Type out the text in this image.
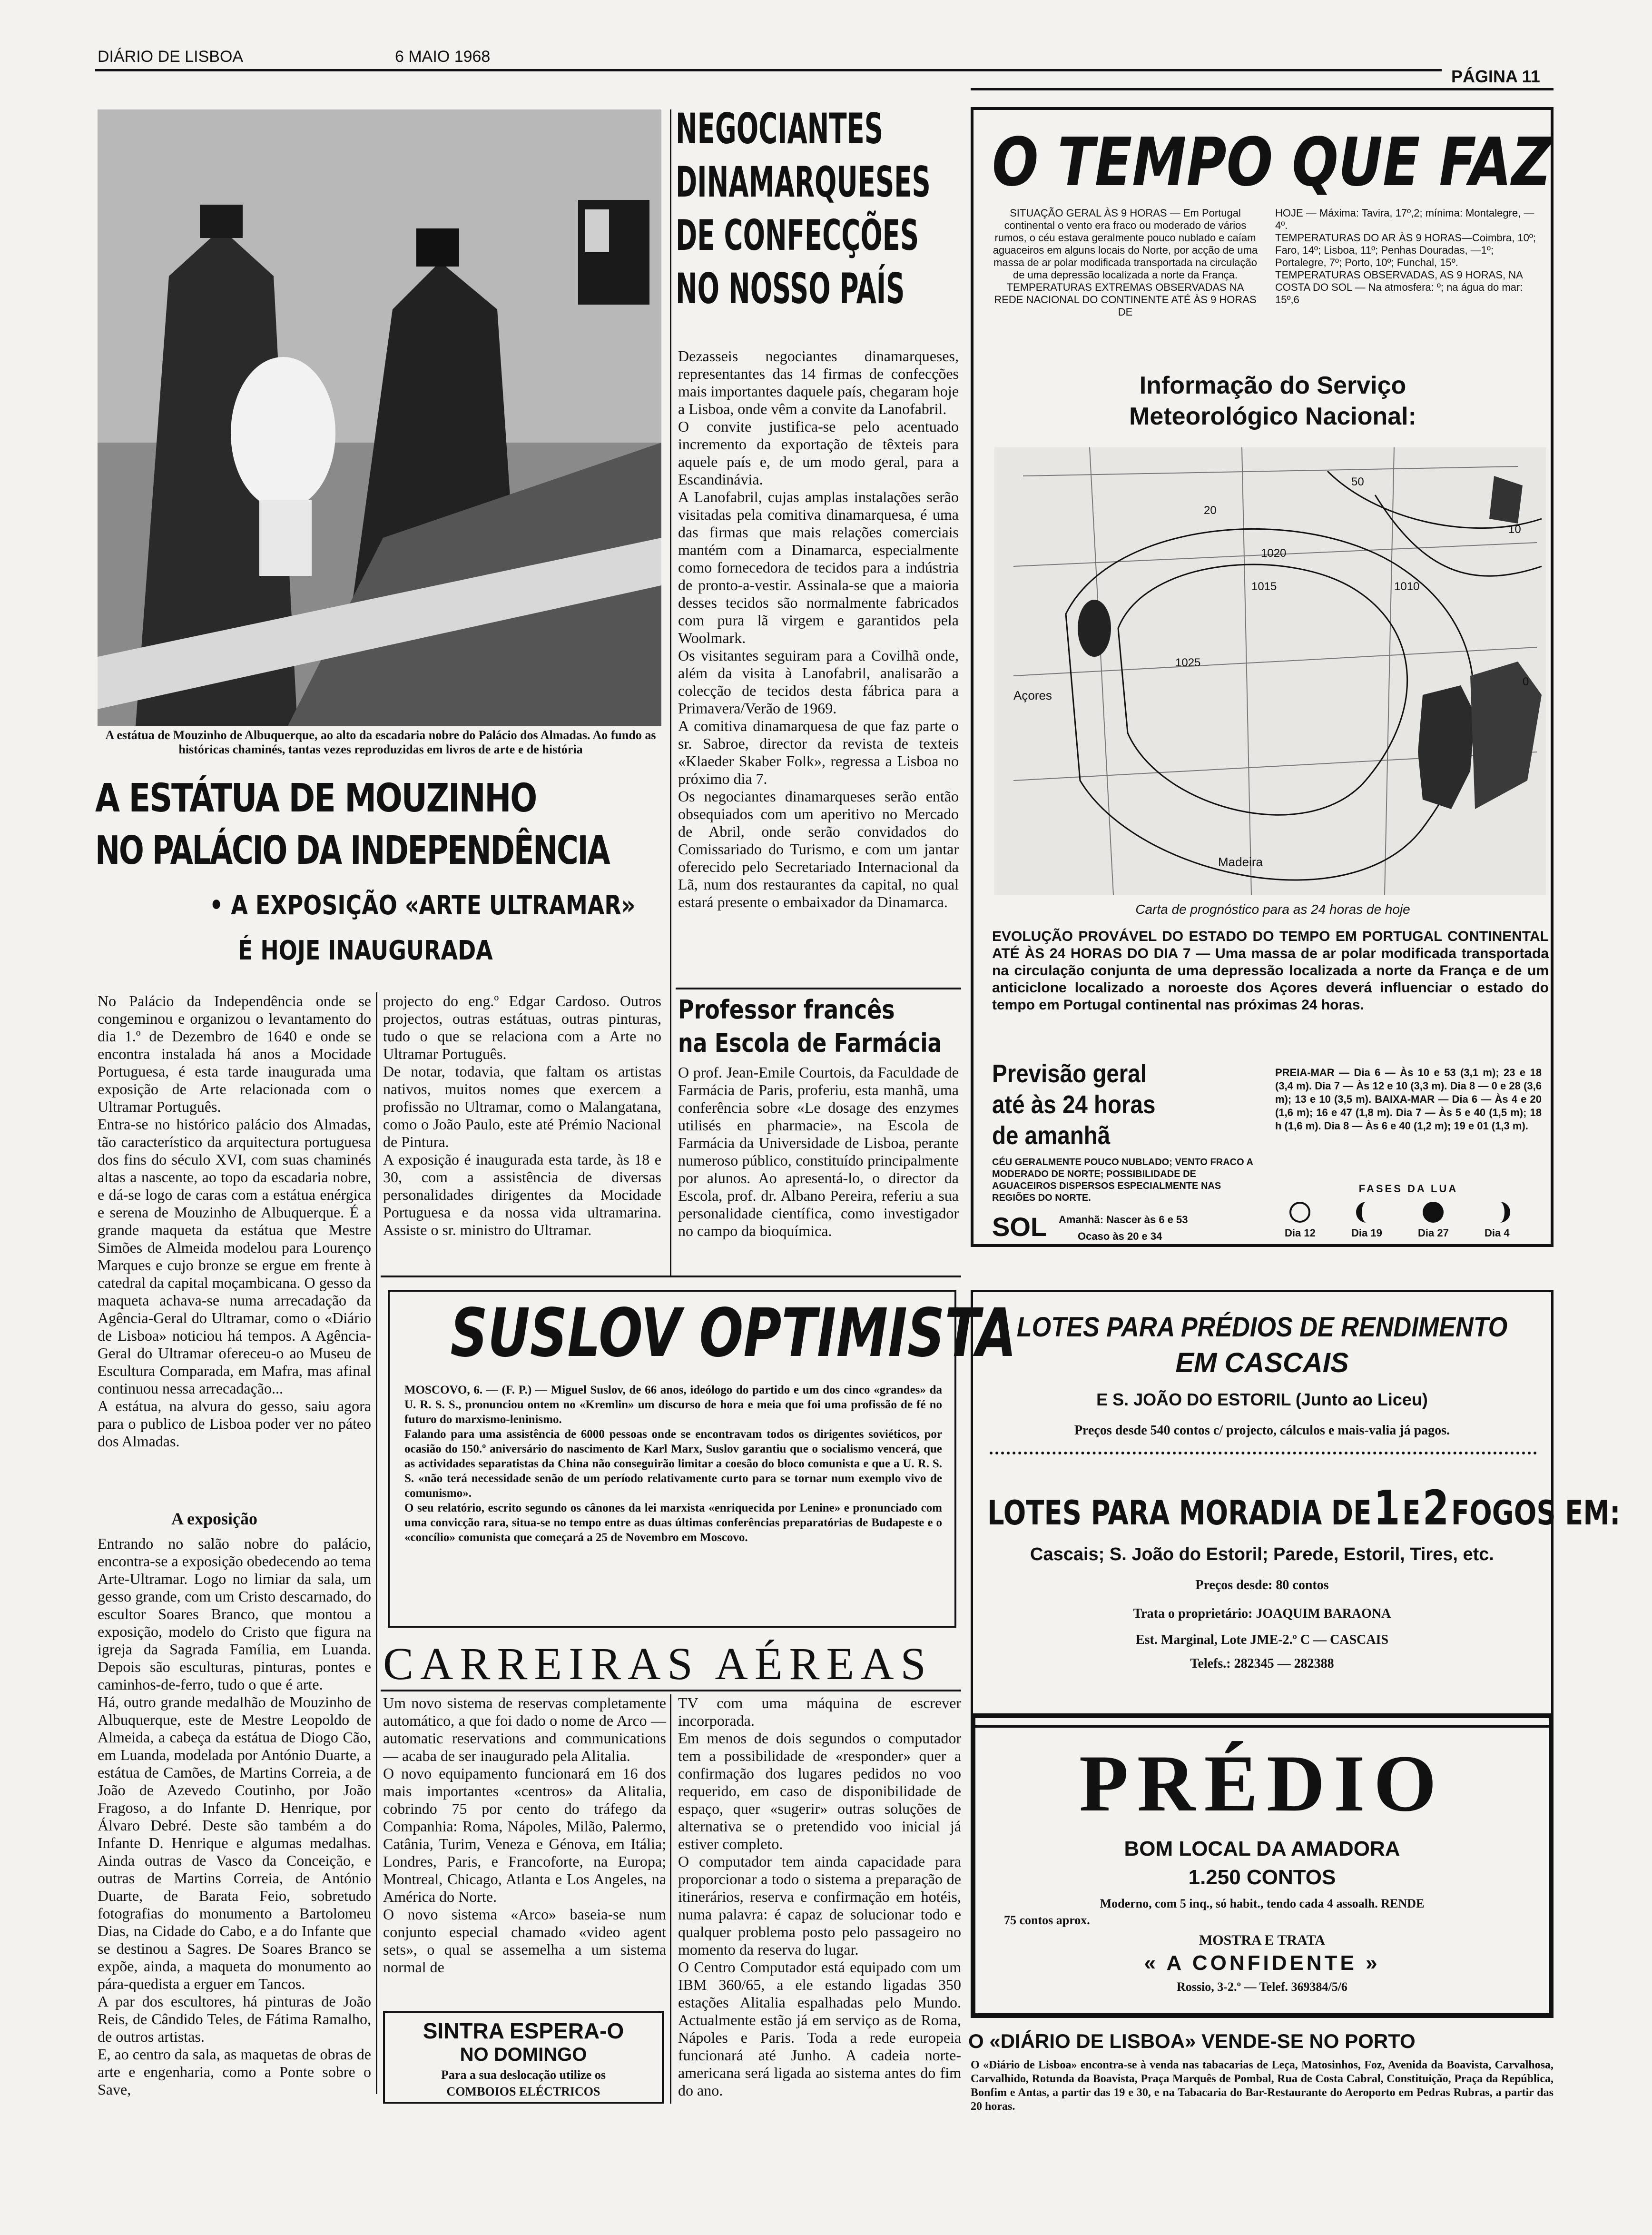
DIÁRIO DE LISBOA	6 MAIO 1968
PÁGINA 11
A estátua de Mouzinho de Albuquerque, ao alto da escadaria nobre do Palácio dos Almadas. Ao fundo as históricas chaminés, tantas vezes reproduzidas em livros de arte e de história
A ESTÁTUA DE MOUZINHO
NO PALÁCIO DA INDEPENDÊNCIA
• A EXPOSIÇÃO «ARTE ULTRAMAR»
É HOJE INAUGURADA
No Palácio da Independência onde se congeminou e organizou o levantamento do dia 1.º de Dezembro de 1640 e onde se encontra instalada há anos a Mocidade Portuguesa, é esta tarde inaugurada uma exposição de Arte relacionada com o Ultramar Português.
Entra-se no histórico palácio dos Almadas, tão característico da arquitectura portuguesa dos fins do século XVI, com suas chaminés altas a nascente, ao topo da escadaria nobre, e dá-se logo de caras com a estátua enérgica e serena de Mouzinho de Albuquerque. É a grande maqueta da estátua que Mestre Simões de Almeida modelou para Lourenço Marques e cujo bronze se ergue em frente à catedral da capital moçambicana. O gesso da maqueta achava-se numa arrecadação da Agência-Geral do Ultramar, como o «Diário de Lisboa» noticiou há tempos. A Agência-Geral do Ultramar ofereceu-o ao Museu de Escultura Comparada, em Mafra, mas afinal continuou nessa arrecadação...
A estátua, na alvura do gesso, saiu agora para o publico de Lisboa poder ver no páteo dos Almadas.
A exposição
Entrando no salão nobre do palácio, encontra-se a exposição obedecendo ao tema Arte-Ultramar. Logo no limiar da sala, um gesso grande, com um Cristo descarnado, do escultor Soares Branco, que montou a exposição, modelo do Cristo que figura na igreja da Sagrada Família, em Luanda. Depois são esculturas, pinturas, pontes e caminhos-de-ferro, tudo o que é arte.
Há, outro grande medalhão de Mouzinho de Albuquerque, este de Mestre Leopoldo de Almeida, a cabeça da estátua de Diogo Cão, em Luanda, modelada por António Duarte, a estátua de Camões, de Martins Correia, a de João de Azevedo Coutinho, por João Fragoso, a do Infante D. Henrique, por Álvaro Debré. Deste são também a do Infante D. Henrique e algumas medalhas. Ainda outras de Vasco da Conceição, e outras de Martins Correia, de António Duarte, de Barata Feio, sobretudo fotografias do monumento a Bartolomeu Dias, na Cidade do Cabo, e a do Infante que se destinou a Sagres. De Soares Branco se expõe, ainda, a maqueta do monumento ao pára-quedista a erguer em Tancos.
A par dos escultores, há pinturas de João Reis, de Cândido Teles, de Fátima Ramalho, de outros artistas.
E, ao centro da sala, as maquetas de obras de arte e engenharia, como a Ponte sobre o Save,
projecto do eng.º Edgar Cardoso. Outros projectos, outras estátuas, outras pinturas, tudo o que se relaciona com a Arte no Ultramar Português.
De notar, todavia, que faltam os artistas nativos, muitos nomes que exercem a profissão no Ultramar, como o Malangatana, como o João Paulo, este até Prémio Nacional de Pintura.
A exposição é inaugurada esta tarde, às 18 e 30, com a assistência de diversas personalidades dirigentes da Mocidade Portuguesa e da nossa vida ultramarina. Assiste o sr. ministro do Ultramar.
NEGOCIANTES
DINAMARQUESES
DE CONFECÇÕES
NO NOSSO PAÍS
Dezasseis negociantes dinamarqueses, representantes das 14 firmas de confecções mais importantes daquele país, chegaram hoje a Lisboa, onde vêm a convite da Lanofabril.
O convite justifica-se pelo acentuado incremento da exportação de têxteis para aquele país e, de um modo geral, para a Escandinávia.
A Lanofabril, cujas amplas instalações serão visitadas pela comitiva dinamarquesa, é uma das firmas que mais relações comerciais mantém com a Dinamarca, especialmente como fornecedora de tecidos para a indústria de pronto-a-vestir. Assinala-se que a maioria desses tecidos são normalmente fabricados com pura lã virgem e garantidos pela Woolmark.
Os visitantes seguiram para a Covilhã onde, além da visita à Lanofabril, analisarão a colecção de tecidos desta fábrica para a Primavera/Verão de 1969.
A comitiva dinamarquesa de que faz parte o sr. Sabroe, director da revista de texteis «Klaeder Skaber Folk», regressa a Lisboa no próximo dia 7.
Os negociantes dinamarqueses serão então obsequiados com um aperitivo no Mercado de Abril, onde serão convidados do Comissariado do Turismo, e com um jantar oferecido pelo Secretariado Internacional da Lã, num dos restaurantes da capital, no qual estará presente o embaixador da Dinamarca.
Professor francês
na Escola de Farmácia
O prof. Jean-Emile Courtois, da Faculdade de Farmácia de Paris, proferiu, esta manhã, uma conferência sobre «Le dosage des enzymes utilisés en pharmacie», na Escola de Farmácia da Universidade de Lisboa, perante numeroso público, constituído principalmente por alunos. Ao apresentá-lo, o director da Escola, prof. dr. Albano Pereira, referiu a sua personalidade científica, como investigador no campo da bioquímica.
O TEMPO QUE FAZ
SITUAÇÃO GERAL ÀS 9 HORAS — Em Portugal continental o vento era fraco ou moderado de vários rumos, o céu estava geralmente pouco nublado e caíam aguaceiros em alguns locais do Norte, por acção de uma massa de ar polar modificada transportada na circulação de uma depressão localizada a norte da França. TEMPERATURAS EXTREMAS OBSERVADAS NA REDE NACIONAL DO CONTINENTE ATÉ ÀS 9 HORAS DE
HOJE — Máxima: Tavira, 17º,2; mínima: Montalegre, —4º.
TEMPERATURAS DO AR ÀS 9 HORAS—Coimbra, 10º; Faro, 14º; Lisboa, 11º; Penhas Douradas, —1º; Portalegre, 7º; Porto, 10º; Funchal, 15º.
TEMPERATURAS OBSERVADAS, AS 9 HORAS, NA COSTA DO SOL — Na atmosfera: º; na água do mar: 15º,6
Informação do Serviço
Meteorológico Nacional:
Açores
Madeira
50
1015	1010
1020
1025
20
10
0
Carta de prognóstico para as 24 horas de hoje
EVOLUÇÃO PROVÁVEL DO ESTADO DO TEMPO EM PORTUGAL CONTINENTAL ATÉ ÀS 24 HORAS DO DIA 7 — Uma massa de ar polar modificada transportada na circulação conjunta de uma depressão localizada a norte da França e de um anticiclone localizado a noroeste dos Açores deverá influenciar o estado do tempo em Portugal continental nas próximas 24 horas.
Previsão geral
até às 24 horas
de amanhã
CÉU GERALMENTE POUCO NUBLADO; VENTO FRACO A MODERADO DE NORTE; POSSIBILIDADE DE AGUACEIROS DISPERSOS ESPECIALMENTE NAS REGIÕES DO NORTE.
SOL Amanhã: Nascer às 6 e 53
Ocaso às 20 e 34
PREIA-MAR — Dia 6 — Às 10 e 53 (3,1 m); 23 e 18 (3,4 m). Dia 7 — Às 12 e 10 (3,3 m). Dia 8 — 0 e 28 (3,6 m); 13 e 10 (3,5 m). BAIXA-MAR — Dia 6 — Às 4 e 20 (1,6 m); 16 e 47 (1,8 m). Dia 7 — Às 5 e 40 (1,5 m); 18 h (1,6 m). Dia 8 — Às 6 e 40 (1,2 m); 19 e 01 (1,3 m).
FASES DA LUA
Dia 12	Dia 19	Dia 27	Dia 4
SUSLOV OPTIMISTA
MOSCOVO, 6. — (F. P.) — Miguel Suslov, de 66 anos, ideólogo do partido e um dos cinco «grandes» da U. R. S. S., pronunciou ontem no «Kremlin» um discurso de hora e meia que foi uma profissão de fé no futuro do marxismo-leninismo.
Falando para uma assistência de 6000 pessoas onde se encontravam todos os dirigentes soviéticos, por ocasião do 150.º aniversário do nascimento de Karl Marx, Suslov garantiu que o socialismo vencerá, que as actividades separatistas da China não conseguirão limitar a coesão do bloco comunista e que a U. R. S. S. «não terá necessidade senão de um período relativamente curto para se tornar num exemplo vivo de comunismo».
O seu relatório, escrito segundo os cânones da lei marxista «enriquecida por Lenine» e pronunciado com uma convicção rara, situa-se no tempo entre as duas últimas conferências preparatórias de Budapeste e o «concílio» comunista que começará a 25 de Novembro em Moscovo.
CARREIRAS AÉREAS
Um novo sistema de reservas completamente automático, a que foi dado o nome de Arco — automatic reservations and communications — acaba de ser inaugurado pela Alitalia.
O novo equipamento funcionará em 16 dos mais importantes «centros» da Alitalia, cobrindo 75 por cento do tráfego da Companhia: Roma, Nápoles, Milão, Palermo, Catânia, Turim, Veneza e Génova, em Itália; Londres, Paris, e Francoforte, na Europa; Montreal, Chicago, Atlanta e Los Angeles, na América do Norte.
O novo sistema «Arco» baseia-se num conjunto especial chamado «video agent sets», o qual se assemelha a um sistema normal de
TV com uma máquina de escrever incorporada.
Em menos de dois segundos o computador tem a possibilidade de «responder» quer a confirmação dos lugares pedidos no voo requerido, em caso de disponibilidade de espaço, quer «sugerir» outras soluções de alternativa se o pretendido voo inicial já estiver completo.
O computador tem ainda capacidade para proporcionar a todo o sistema a preparação de itinerários, reserva e confirmação em hotéis, numa palavra: é capaz de solucionar todo e qualquer problema posto pelo passageiro no momento da reserva do lugar.
O Centro Computador está equipado com um IBM 360/65, a ele estando ligadas 350 estações Alitalia espalhadas pelo Mundo. Actualmente estão já em serviço as de Roma, Nápoles e Paris. Toda a rede europeia funcionará até Junho. A cadeia norte-americana será ligada ao sistema antes do fim do ano.
SINTRA ESPERA-O
NO DOMINGO
Para a sua deslocação utilize os
COMBOIOS ELÉCTRICOS
LOTES PARA PRÉDIOS DE RENDIMENTO
EM CASCAIS
E S. JOÃO DO ESTORIL (Junto ao Liceu)
Preços desde 540 contos c/ projecto, cálculos e mais-valia já pagos.
LOTES PARA MORADIA DE 1 E 2 FOGOS EM:
Cascais; S. João do Estoril; Parede, Estoril, Tires, etc.
Preços desde: 80 contos
Trata o proprietário: JOAQUIM BARAONA
Est. Marginal, Lote JME-2.º C — CASCAIS
Telefs.: 282345 — 282388
PRÉDIO
BOM LOCAL DA AMADORA
1.250 CONTOS
Moderno, com 5 inq., só habit., tendo cada 4 assoalh. RENDE
75 contos aprox.
MOSTRA E TRATA
« A CONFIDENTE »
Rossio, 3-2.º — Telef. 369384/5/6
O «DIÁRIO DE LISBOA» VENDE-SE NO PORTO
O «Diário de Lisboa» encontra-se à venda nas tabacarias de Leça, Matosinhos, Foz, Avenida da Boavista, Carvalhosa, Carvalhido, Rotunda da Boavista, Praça Marquês de Pombal, Rua de Costa Cabral, Constituição, Praça da República, Bonfim e Antas, a partir das 19 e 30, e na Tabacaria do Bar-Restaurante do Aeroporto em Pedras Rubras, a partir das 20 horas.
